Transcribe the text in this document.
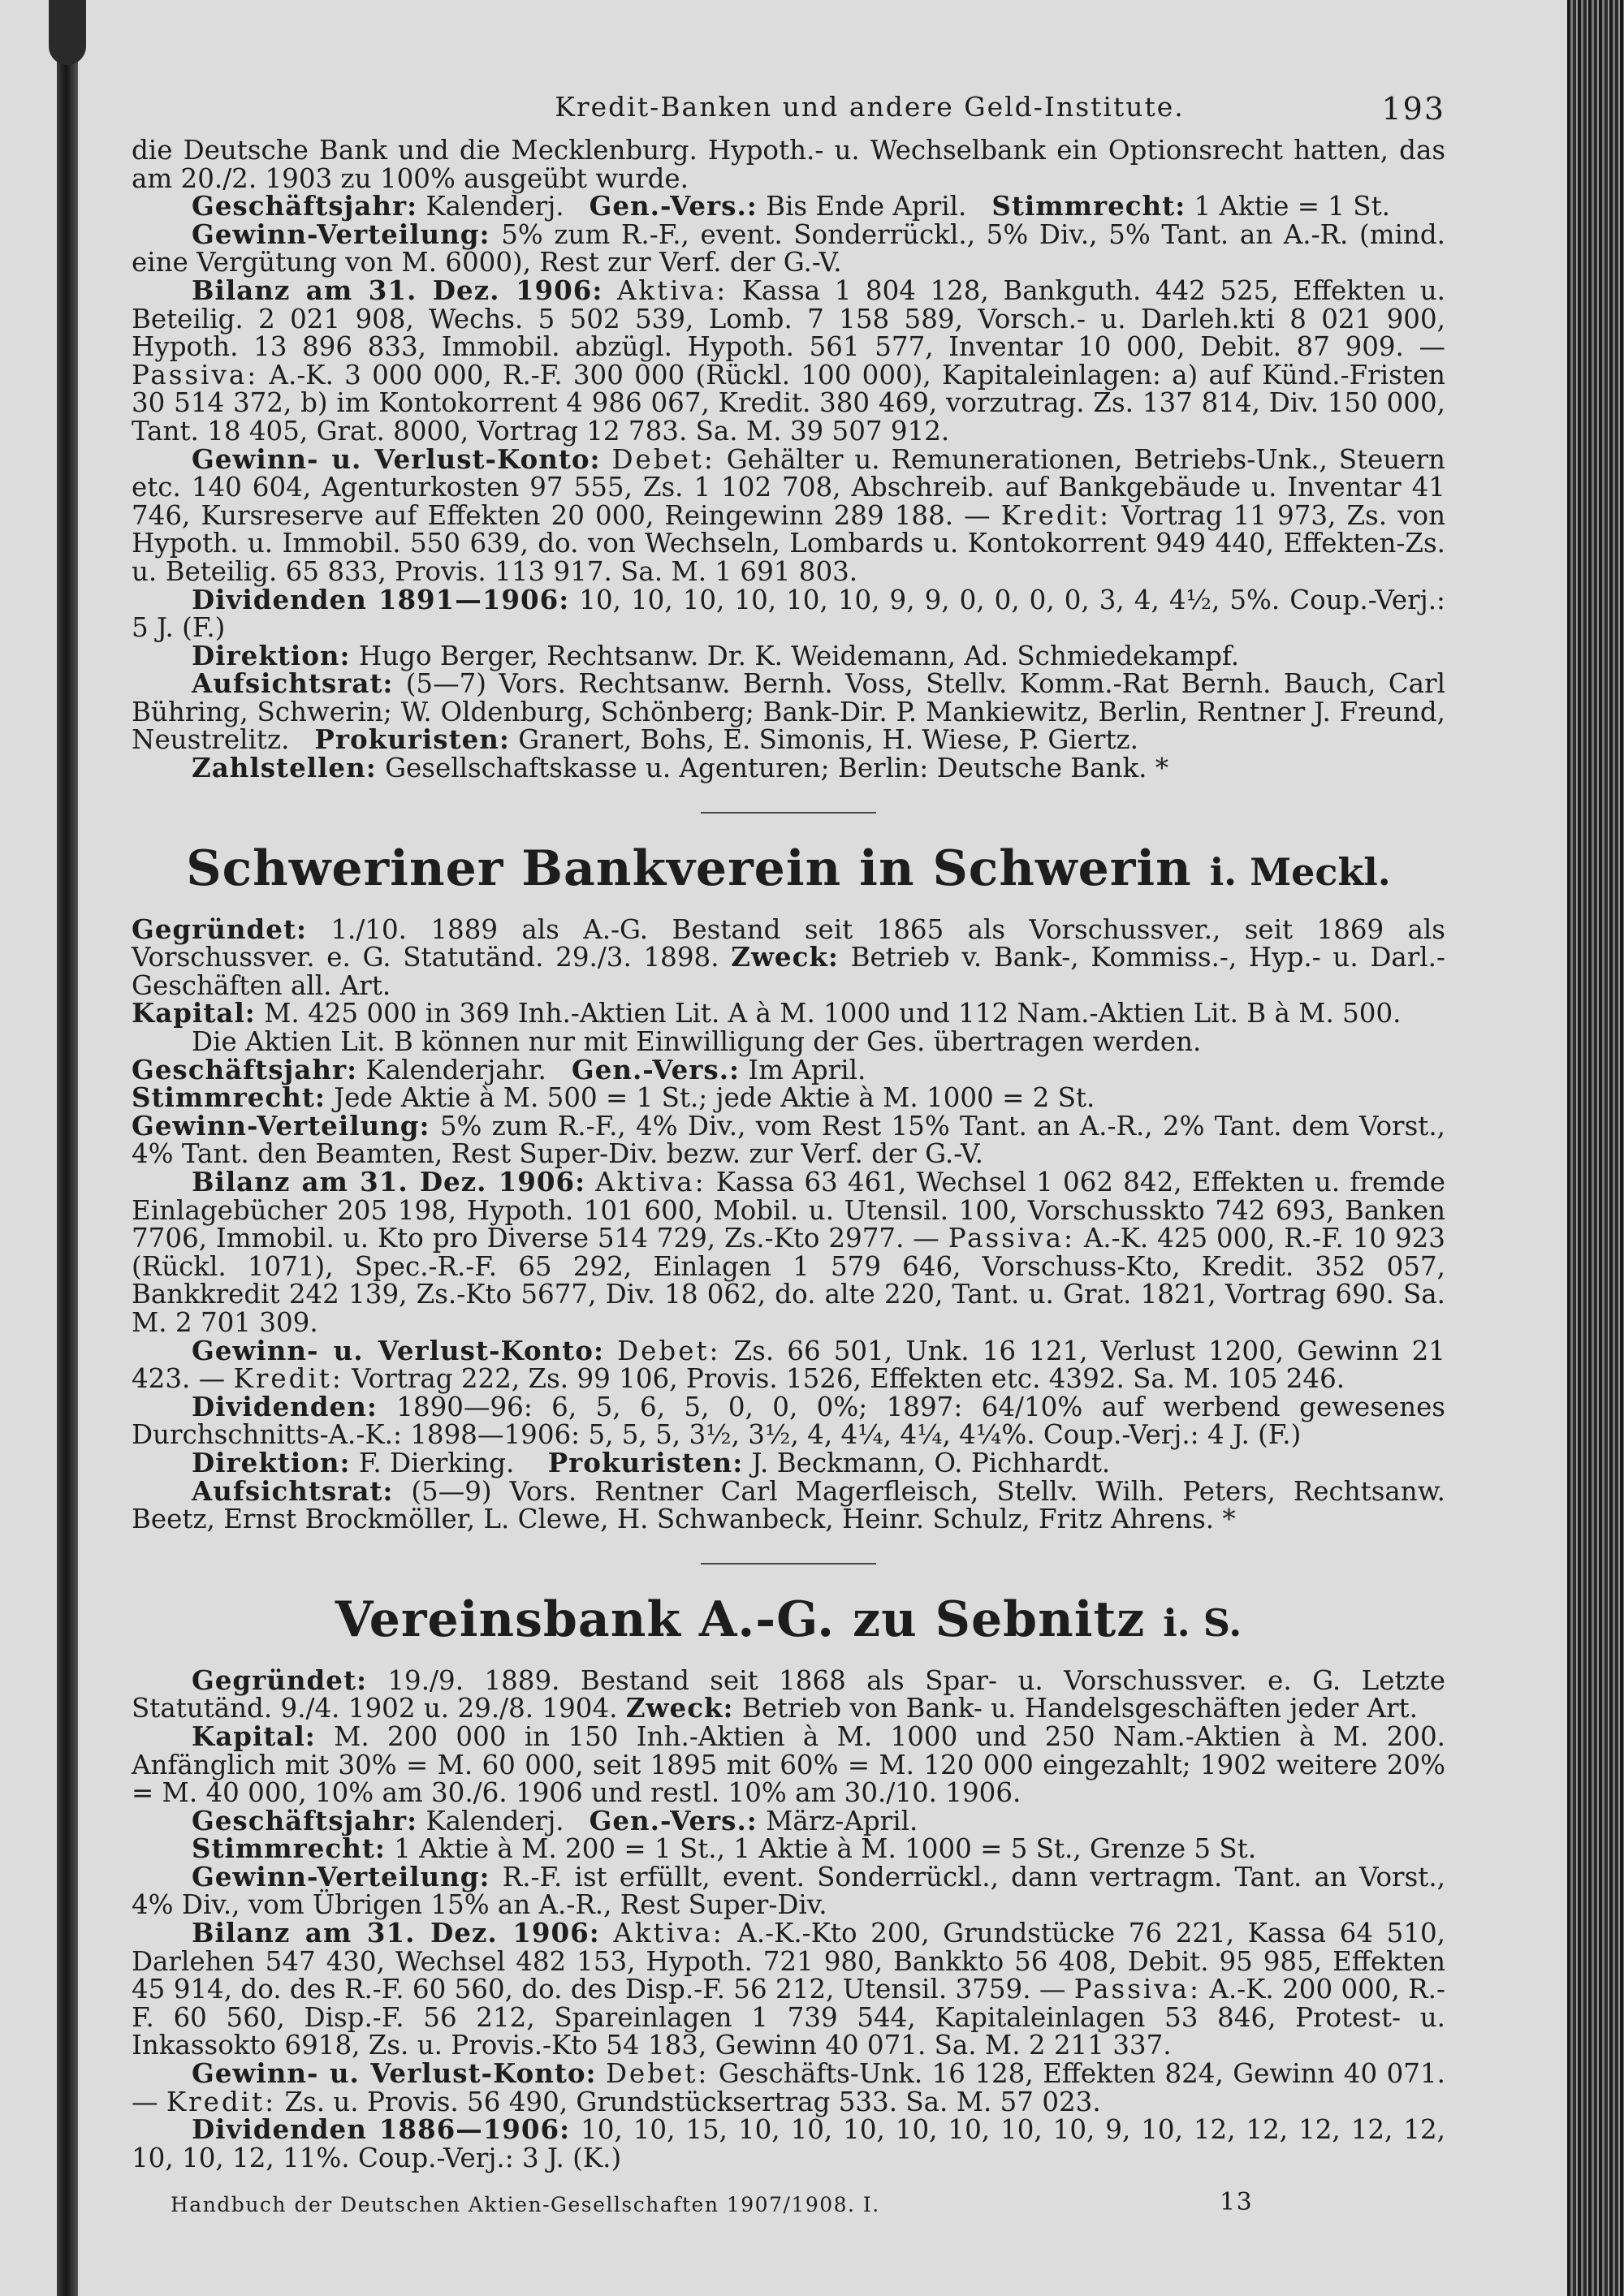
Kredit-Banken und andere Geld-Institute.	193

die Deutsche Bank und die Mecklenburg. Hypoth.- u. Wechselbank ein Optionsrecht hatten, das am 20./2. 1903 zu 100% ausgeübt wurde.

Geschäftsjahr: Kalenderj. Gen.-Vers.: Bis Ende April. Stimmrecht: 1 Aktie = 1 St.

Gewinn-Verteilung: 5% zum R.-F., event. Sonderrückl., 5% Div., 5% Tant. an A.-R. (mind. eine Vergütung von M. 6000), Rest zur Verf. der G.-V.

Bilanz am 31. Dez. 1906: Aktiva: Kassa 1 804 128, Bankguth. 442 525, Effekten u. Beteilig. 2 021 908, Wechs. 5 502 539, Lomb. 7 158 589, Vorsch.- u. Darleh.kti 8 021 900, Hypoth. 13 896 833, Immobil. abzügl. Hypoth. 561 577, Inventar 10 000, Debit. 87 909. — Passiva: A.-K. 3 000 000, R.-F. 300 000 (Rückl. 100 000), Kapitaleinlagen: a) auf Künd.-Fristen 30 514 372, b) im Kontokorrent 4 986 067, Kredit. 380 469, vorzutrag. Zs. 137 814, Div. 150 000, Tant. 18 405, Grat. 8000, Vortrag 12 783. Sa. M. 39 507 912.

Gewinn- u. Verlust-Konto: Debet: Gehälter u. Remunerationen, Betriebs-Unk., Steuern etc. 140 604, Agenturkosten 97 555, Zs. 1 102 708, Abschreib. auf Bankgebäude u. Inventar 41 746, Kursreserve auf Effekten 20 000, Reingewinn 289 188. — Kredit: Vortrag 11 973, Zs. von Hypoth. u. Immobil. 550 639, do. von Wechseln, Lombards u. Kontokorrent 949 440, Effekten-Zs. u. Beteilig. 65 833, Provis. 113 917. Sa. M. 1 691 803.

Dividenden 1891—1906: 10, 10, 10, 10, 10, 10, 9, 9, 0, 0, 0, 0, 3, 4, 4½, 5%. Coup.-Verj.: 5 J. (F.)

Direktion: Hugo Berger, Rechtsanw. Dr. K. Weidemann, Ad. Schmiedekampf.

Aufsichtsrat: (5—7) Vors. Rechtsanw. Bernh. Voss, Stellv. Komm.-Rat Bernh. Bauch, Carl Bühring, Schwerin; W. Oldenburg, Schönberg; Bank-Dir. P. Mankiewitz, Berlin, Rentner J. Freund, Neustrelitz. Prokuristen: Granert, Bohs, E. Simonis, H. Wiese, P. Giertz.

Zahlstellen: Gesellschaftskasse u. Agenturen; Berlin: Deutsche Bank. *

Schweriner Bankverein in Schwerin i. Meckl.

Gegründet: 1./10. 1889 als A.-G. Bestand seit 1865 als Vorschussver., seit 1869 als Vorschussver. e. G. Statutänd. 29./3. 1898. Zweck: Betrieb v. Bank-, Kommiss.-, Hyp.- u. Darl.-Geschäften all. Art.

Kapital: M. 425 000 in 369 Inh.-Aktien Lit. A à M. 1000 und 112 Nam.-Aktien Lit. B à M. 500.

Die Aktien Lit. B können nur mit Einwilligung der Ges. übertragen werden.

Geschäftsjahr: Kalenderjahr. Gen.-Vers.: Im April.

Stimmrecht: Jede Aktie à M. 500 = 1 St.; jede Aktie à M. 1000 = 2 St.

Gewinn-Verteilung: 5% zum R.-F., 4% Div., vom Rest 15% Tant. an A.-R., 2% Tant. dem Vorst., 4% Tant. den Beamten, Rest Super-Div. bezw. zur Verf. der G.-V.

Bilanz am 31. Dez. 1906: Aktiva: Kassa 63 461, Wechsel 1 062 842, Effekten u. fremde Einlagebücher 205 198, Hypoth. 101 600, Mobil. u. Utensil. 100, Vorschusskto 742 693, Banken 7706, Immobil. u. Kto pro Diverse 514 729, Zs.-Kto 2977. — Passiva: A.-K. 425 000, R.-F. 10 923 (Rückl. 1071), Spec.-R.-F. 65 292, Einlagen 1 579 646, Vorschuss-Kto, Kredit. 352 057, Bankkredit 242 139, Zs.-Kto 5677, Div. 18 062, do. alte 220, Tant. u. Grat. 1821, Vortrag 690. Sa. M. 2 701 309.

Gewinn- u. Verlust-Konto: Debet: Zs. 66 501, Unk. 16 121, Verlust 1200, Gewinn 21 423. — Kredit: Vortrag 222, Zs. 99 106, Provis. 1526, Effekten etc. 4392. Sa. M. 105 246.

Dividenden: 1890—96: 6, 5, 6, 5, 0, 0, 0%; 1897: 64/10% auf werbend gewesenes Durchschnitts-A.-K.: 1898—1906: 5, 5, 5, 3½, 3½, 4, 4¼, 4¼, 4¼%. Coup.-Verj.: 4 J. (F.)

Direktion: F. Dierking. Prokuristen: J. Beckmann, O. Pichhardt.

Aufsichtsrat: (5—9) Vors. Rentner Carl Magerfleisch, Stellv. Wilh. Peters, Rechtsanw. Beetz, Ernst Brockmöller, L. Clewe, H. Schwanbeck, Heinr. Schulz, Fritz Ahrens. *

Vereinsbank A.-G. zu Sebnitz i. S.

Gegründet: 19./9. 1889. Bestand seit 1868 als Spar- u. Vorschussver. e. G. Letzte Statutänd. 9./4. 1902 u. 29./8. 1904. Zweck: Betrieb von Bank- u. Handelsgeschäften jeder Art.

Kapital: M. 200 000 in 150 Inh.-Aktien à M. 1000 und 250 Nam.-Aktien à M. 200. Anfänglich mit 30% = M. 60 000, seit 1895 mit 60% = M. 120 000 eingezahlt; 1902 weitere 20% = M. 40 000, 10% am 30./6. 1906 und restl. 10% am 30./10. 1906.

Geschäftsjahr: Kalenderj. Gen.-Vers.: März-April.

Stimmrecht: 1 Aktie à M. 200 = 1 St., 1 Aktie à M. 1000 = 5 St., Grenze 5 St.

Gewinn-Verteilung: R.-F. ist erfüllt, event. Sonderrückl., dann vertragm. Tant. an Vorst., 4% Div., vom Übrigen 15% an A.-R., Rest Super-Div.

Bilanz am 31. Dez. 1906: Aktiva: A.-K.-Kto 200, Grundstücke 76 221, Kassa 64 510, Darlehen 547 430, Wechsel 482 153, Hypoth. 721 980, Bankkto 56 408, Debit. 95 985, Effekten 45 914, do. des R.-F. 60 560, do. des Disp.-F. 56 212, Utensil. 3759. — Passiva: A.-K. 200 000, R.-F. 60 560, Disp.-F. 56 212, Spareinlagen 1 739 544, Kapitaleinlagen 53 846, Protest- u. Inkassokto 6918, Zs. u. Provis.-Kto 54 183, Gewinn 40 071. Sa. M. 2 211 337.

Gewinn- u. Verlust-Konto: Debet: Geschäfts-Unk. 16 128, Effekten 824, Gewinn 40 071. — Kredit: Zs. u. Provis. 56 490, Grundstücksertrag 533. Sa. M. 57 023.

Dividenden 1886—1906: 10, 10, 15, 10, 10, 10, 10, 10, 10, 10, 9, 10, 12, 12, 12, 12, 12, 10, 10, 12, 11%. Coup.-Verj.: 3 J. (K.)

Handbuch der Deutschen Aktien-Gesellschaften 1907/1908. I.	13
